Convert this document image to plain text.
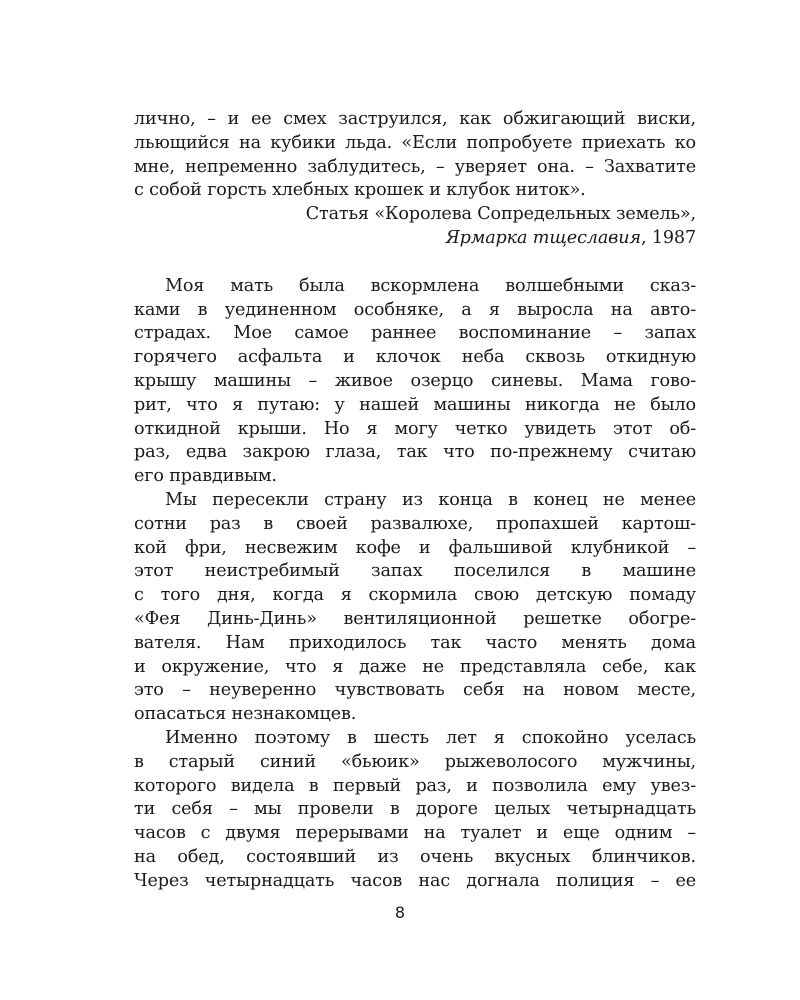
лично, – и ее смех заструился, как обжигающий виски,
льющийся на кубики льда. «Если попробуете приехать ко
мне, непременно заблудитесь, – уверяет она. – Захватите
с собой горсть хлебных крошек и клубок ниток».
Статья «Королева Сопредельных земель»,
Ярмарка тщеславия, 1987
Моя мать была вскормлена волшебными сказ-
ками в уединенном особняке, а я выросла на авто-
страдах. Мое самое раннее воспоминание – запах
горячего асфальта и клочок неба сквозь откидную
крышу машины – живое озерцо синевы. Мама гово-
рит, что я путаю: у нашей машины никогда не было
откидной крыши. Но я могу четко увидеть этот об-
раз, едва закрою глаза, так что по-прежнему считаю
его правдивым.
Мы пересекли страну из конца в конец не менее
сотни раз в своей развалюхе, пропахшей картош-
кой фри, несвежим кофе и фальшивой клубникой –
этот неистребимый запах поселился в машине
с того дня, когда я скормила свою детскую помаду
«Фея Динь-Динь» вентиляционной решетке обогре-
вателя. Нам приходилось так часто менять дома
и окружение, что я даже не представляла себе, как
это – неуверенно чувствовать себя на новом месте,
опасаться незнакомцев.
Именно поэтому в шесть лет я спокойно уселась
в старый синий «бьюик» рыжеволосого мужчины,
которого видела в первый раз, и позволила ему увез-
ти себя – мы провели в дороге целых четырнадцать
часов с двумя перерывами на туалет и еще одним –
на обед, состоявший из очень вкусных блинчиков.
Через четырнадцать часов нас догнала полиция – ее
8
